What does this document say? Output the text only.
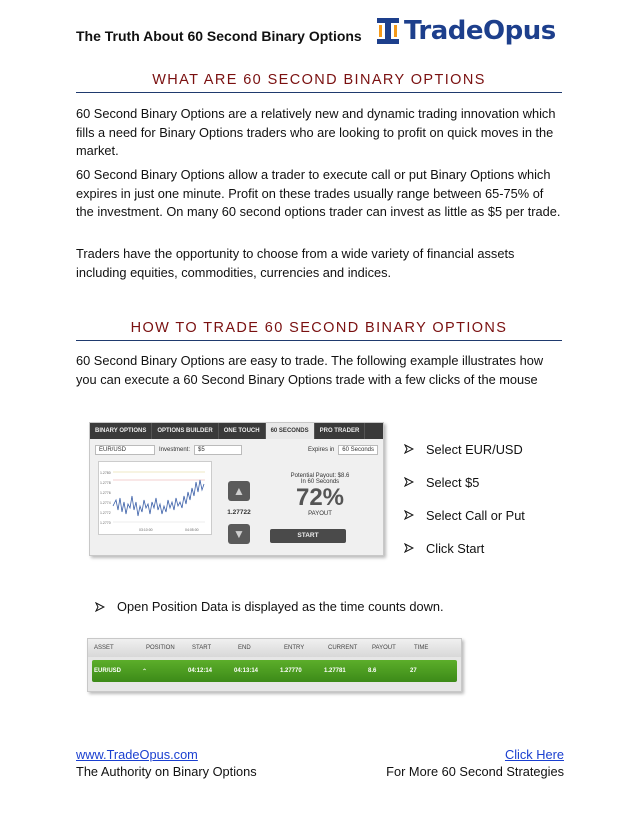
The Truth About 60 Second Binary Options TradeOpus
WHAT ARE 60 SECOND BINARY OPTIONS

60 Second Binary Options are a relatively new and dynamic trading innovation which fills a need for Binary Options traders who are looking to profit on quick moves in the market.

60 Second Binary Options allow a trader to execute call or put Binary Options which expires in just one minute. Profit on these trades usually range between 65-75% of the investment. On many 60 second options trader can invest as little as $5 per trade.

Traders have the opportunity to choose from a wide variety of financial assets including equities, commodities, currencies and indices.

HOW TO TRADE 60 SECOND BINARY OPTIONS

60 Second Binary Options are easy to trade. The following example illustrates how you can execute a 60 Second Binary Options trade with a few clicks of the mouse

BINARY OPTIONS	OPTIONS BUILDER	ONE TOUCH	60 SECONDS	PRO TRADER
EUR/USD	Investment:	$5	Expires in	60 Seconds
1.2780
1.2778
1.2776
1.2774
1.2772
1.2770
03:10:00	04:05:00
▲
1.27722
▼
Potential Payout: $8.6
In 60 Seconds
72%
PAYOUT
START
Select EUR/USD
Select $5
Select Call or Put
Click Start
Open Position Data is displayed as the time counts down.
ASSET	POSITION	START	END	ENTRY	CURRENT	PAYOUT	TIME
EUR/USD	⌃	04:12:14	04:13:14	1.27770	1.27781	8.6	27
www.TradeOpus.com
The Authority on Binary Options
Click Here
For More 60 Second Strategies
